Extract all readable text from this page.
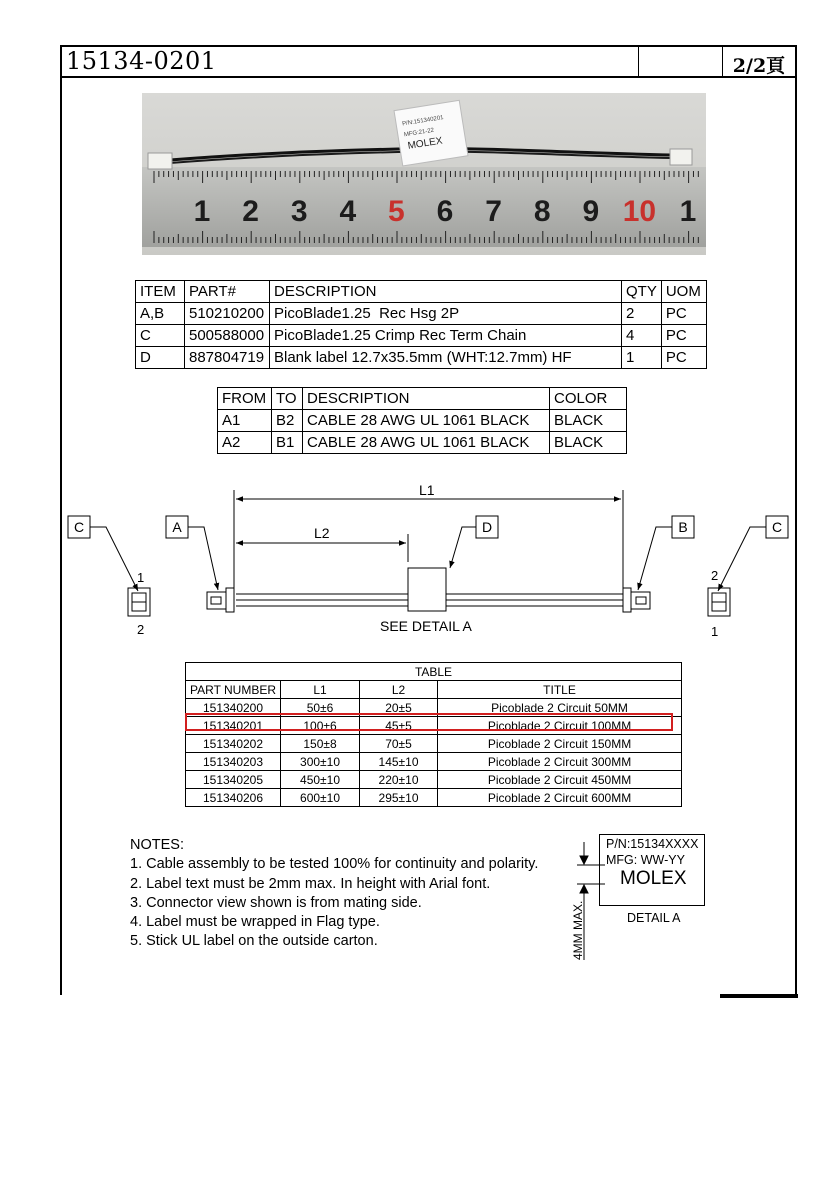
15134-0201	2/2頁
1 2 3 4 5 6 7 8 9 10 1
P/N:151340201
MFG:21-22
MOLEX
ITEM	PART#	DESCRIPTION	QTY	UOM
A,B	510210200	PicoBlade1.25  Rec Hsg 2P	2	PC
C	500588000	PicoBlade1.25 Crimp Rec Term Chain	4	PC
D	887804719	Blank label 12.7x35.5mm (WHT:12.7mm) HF	1	PC
FROM	TO	DESCRIPTION	COLOR
A1	B2	CABLE 28 AWG UL 1061 BLACK	BLACK
A2	B1	CABLE 28 AWG UL 1061 BLACK	BLACK
L1
L2
C	A	D	B	C
1
2
2
1
SEE DETAIL A
TABLE			
PART NUMBER	L1	L2	TITLE
151340200	50±6	20±5	Picoblade 2 Circuit 50MM
151340201	100±6	45±5	Picoblade 2 Circuit 100MM
151340202	150±8	70±5	Picoblade 2 Circuit 150MM
151340203	300±10	145±10	Picoblade 2 Circuit 300MM
151340205	450±10	220±10	Picoblade 2 Circuit 450MM
151340206	600±10	295±10	Picoblade 2 Circuit 600MM
NOTES:
1. Cable assembly to be tested 100% for continuity and polarity.
2. Label text must be 2mm max. In height with Arial font.
3. Connector view shown is from mating side.
4. Label must be wrapped in Flag type.
5. Stick UL label on the outside carton.	4MM MAX.
P/N:15134XXXX
MFG: WW-YY
MOLEX
DETAIL A
